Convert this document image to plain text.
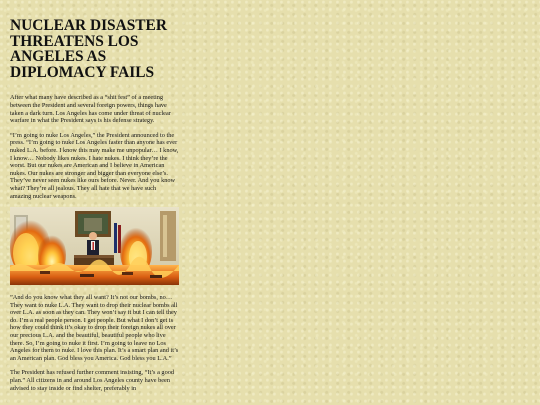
NUCLEAR DISASTER THREATENS LOS ANGELES AS DIPLOMACY FAILS

After what many have described as a “shit fest” of a meeting between the President and several foreign powers, things have taken a dark turn. Los Angeles has come under threat of nuclear warfare in what the President says is his defense strategy.

“I’m going to nuke Los Angeles,” the President announced to the press. “I’m going to nuke Los Angeles faster than anyone has ever nuked L.A. before. I know this may make me unpopular… I know, I know… Nobody likes nukes. I hate nukes. I think they’re the worst. But our nukes are American and I believe in American nukes. Our nukes are stronger and bigger than everyone else’s. They’ve never seen nukes like ours before. Never. And you know what? They’re all jealous. They all hate that we have such amazing nuclear weapons.

”And do you know what they all want? It’s not our bombs, no… They want to nuke L.A. They want to drop their nuclear bombs all over L.A. as soon as they can. They won’t say it but I can tell they do. I’m a real people person. I get people. But what I don’t get is how they could think it’s okay to drop their foreign nukes all over our precious L.A. and the beautiful, beautiful people who live there. So, I’m going to nuke it first. I’m going to leave no Los Angeles for them to nuke. I love this plan. It’s a smart plan and it’s an American plan. God bless you America. God bless you L.A.”

The President has refused further comment insisting, “It’s a good plan.” All citizens in and around Los Angeles county have been advised to stay inside or find shelter, preferably in
